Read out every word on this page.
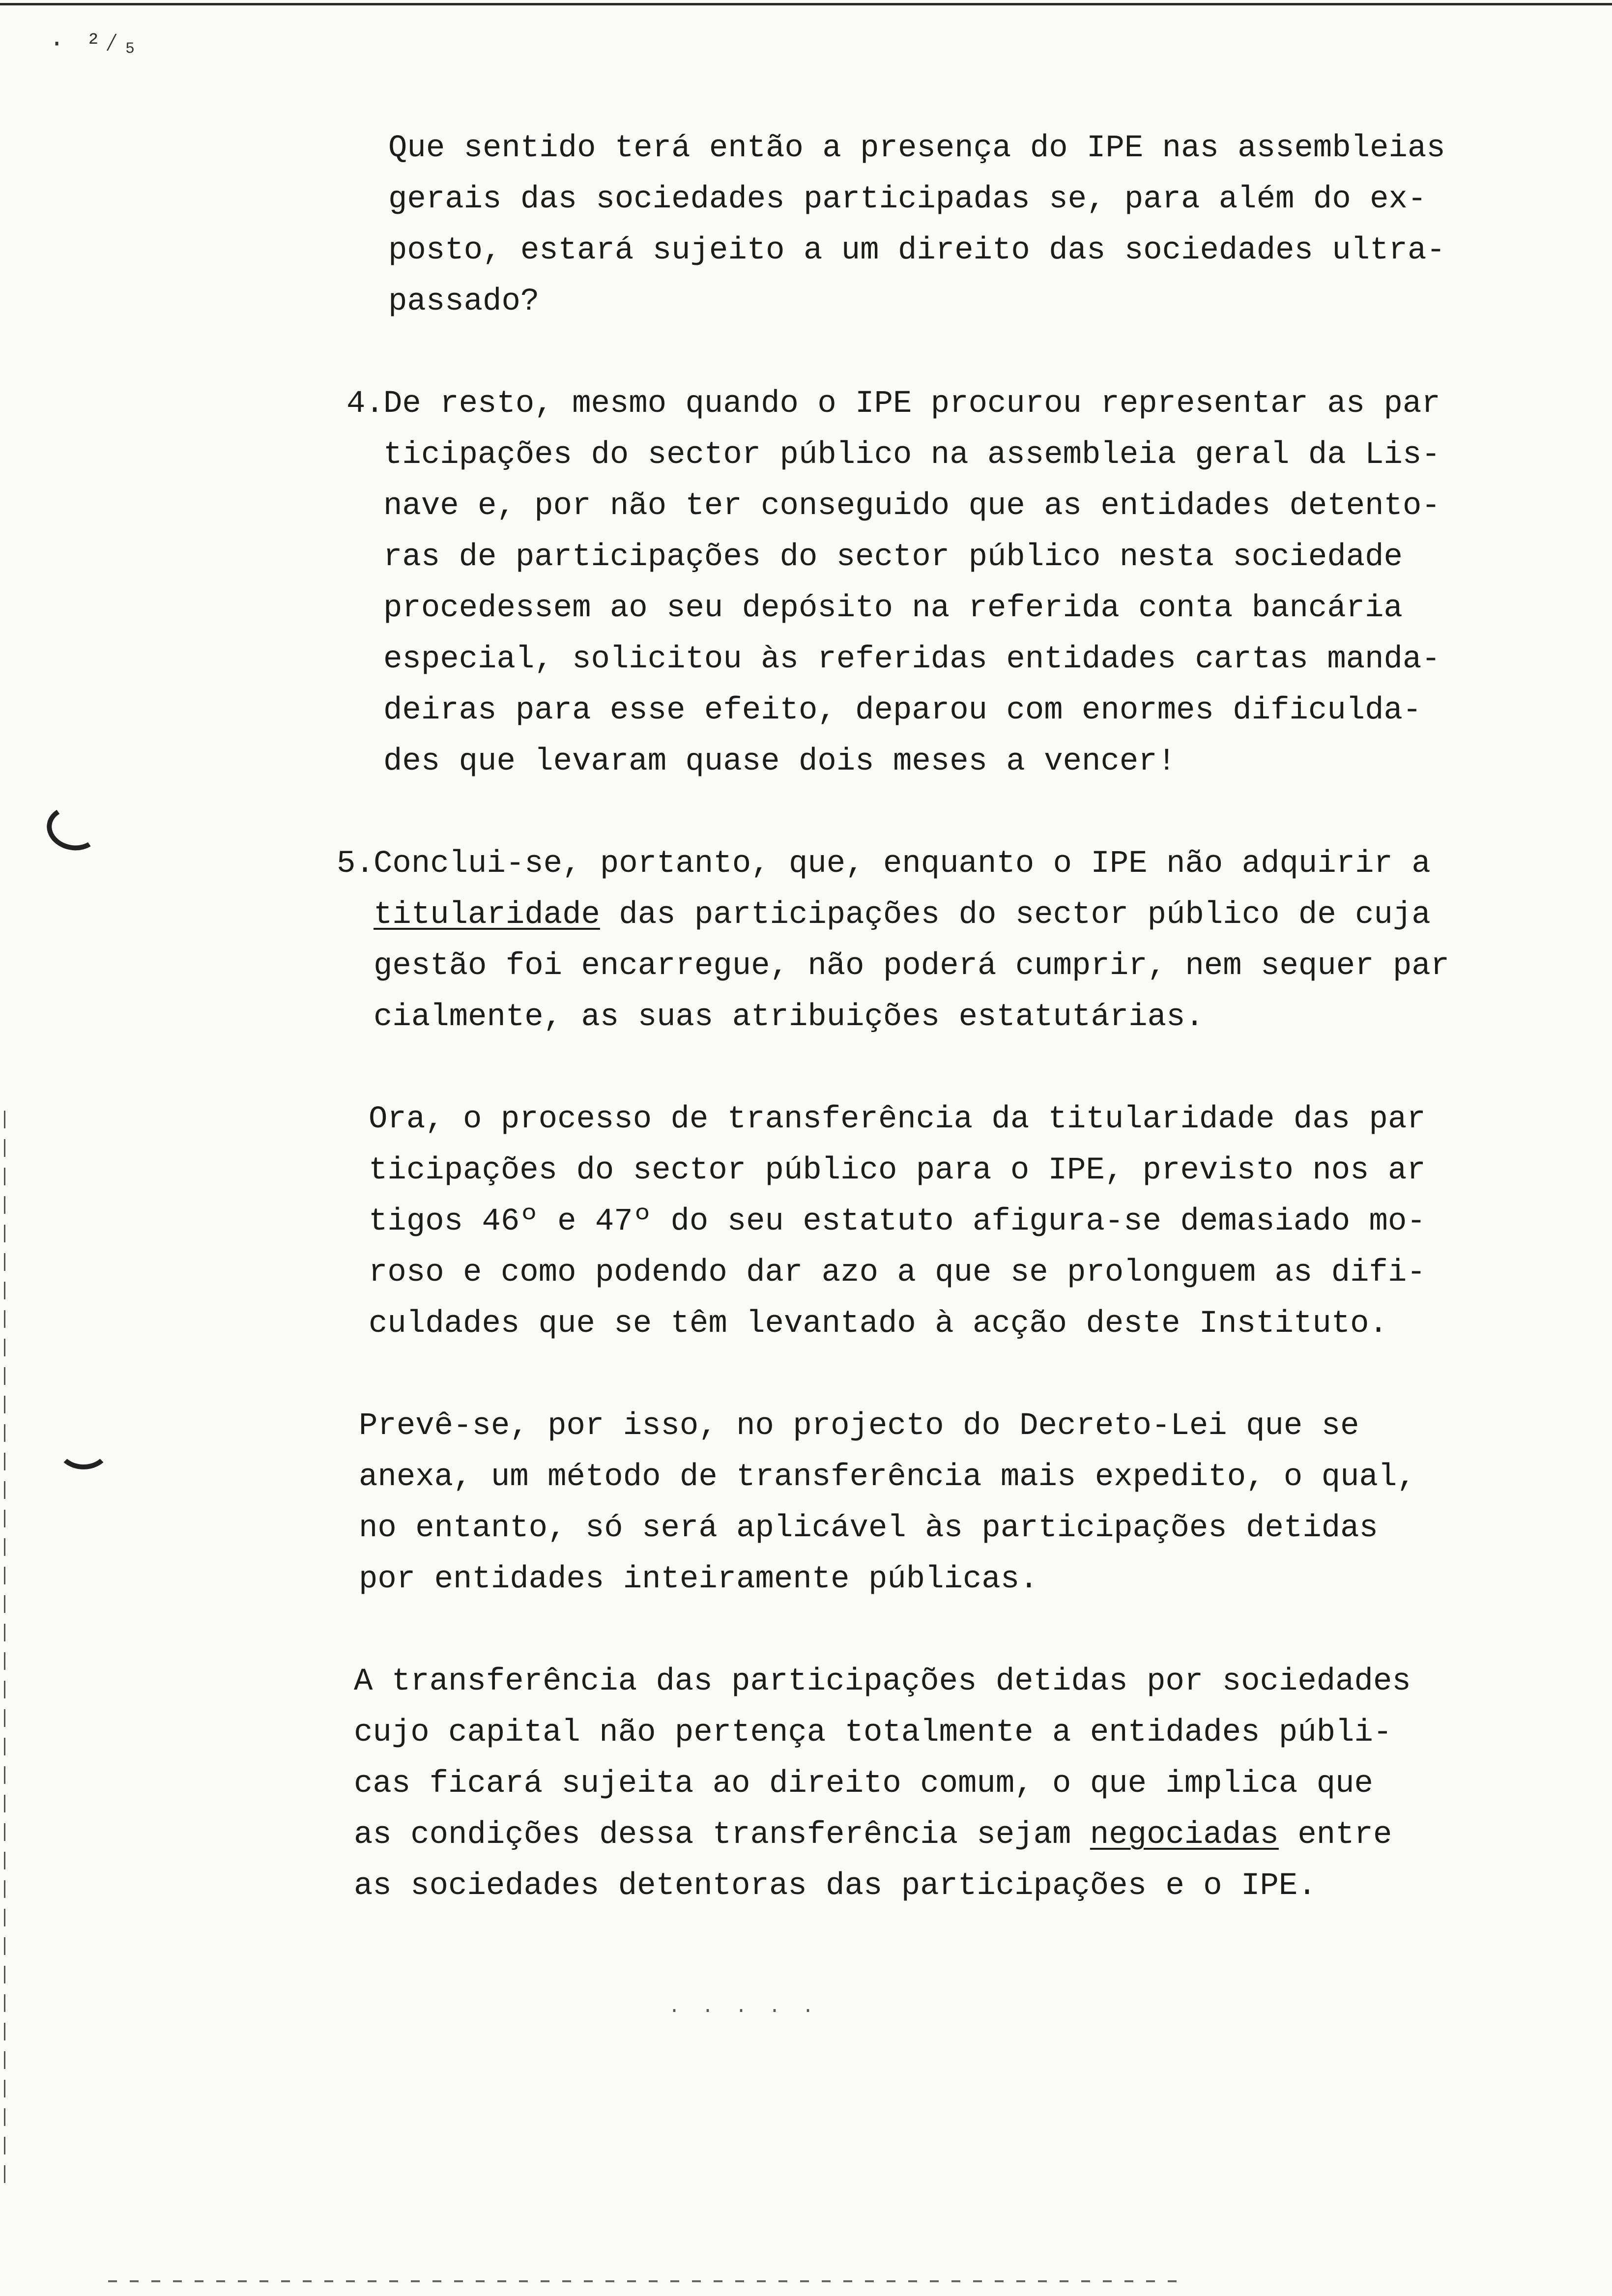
· ²⁄₅

Que sentido terá então a presença do IPE nas assembleias

gerais das sociedades participadas se, para além do ex-

posto, estará sujeito a um direito das sociedades ultra-

passado?

4.

De resto, mesmo quando o IPE procurou representar as par

ticipações do sector público na assembleia geral da Lis-

nave e, por não ter conseguido que as entidades detento-

ras de participações do sector público nesta sociedade

procedessem ao seu depósito na referida conta bancária

especial, solicitou às referidas entidades cartas manda-

deiras para esse efeito, deparou com enormes dificulda-

des que levaram quase dois meses a vencer!

5.

Conclui-se, portanto, que, enquanto o IPE não adquirir a

titularidade das participações do sector público de cuja

gestão foi encarregue, não poderá cumprir, nem sequer par

cialmente, as suas atribuições estatutárias.

Ora, o processo de transferência da titularidade das par

ticipações do sector público para o IPE, previsto nos ar

tigos 46º e 47º do seu estatuto afigura-se demasiado mo-

roso e como podendo dar azo a que se prolonguem as difi-

culdades que se têm levantado à acção deste Instituto.

Prevê-se, por isso, no projecto do Decreto-Lei que se

anexa, um método de transferência mais expedito, o qual,

no entanto, só será aplicável às participações detidas

por entidades inteiramente públicas.

A transferência das participações detidas por sociedades

cujo capital não pertença totalmente a entidades públi-

cas ficará sujeita ao direito comum, o que implica que

as condições dessa transferência sejam negociadas entre

as sociedades detentoras das participações e o IPE.

· · · · ·
